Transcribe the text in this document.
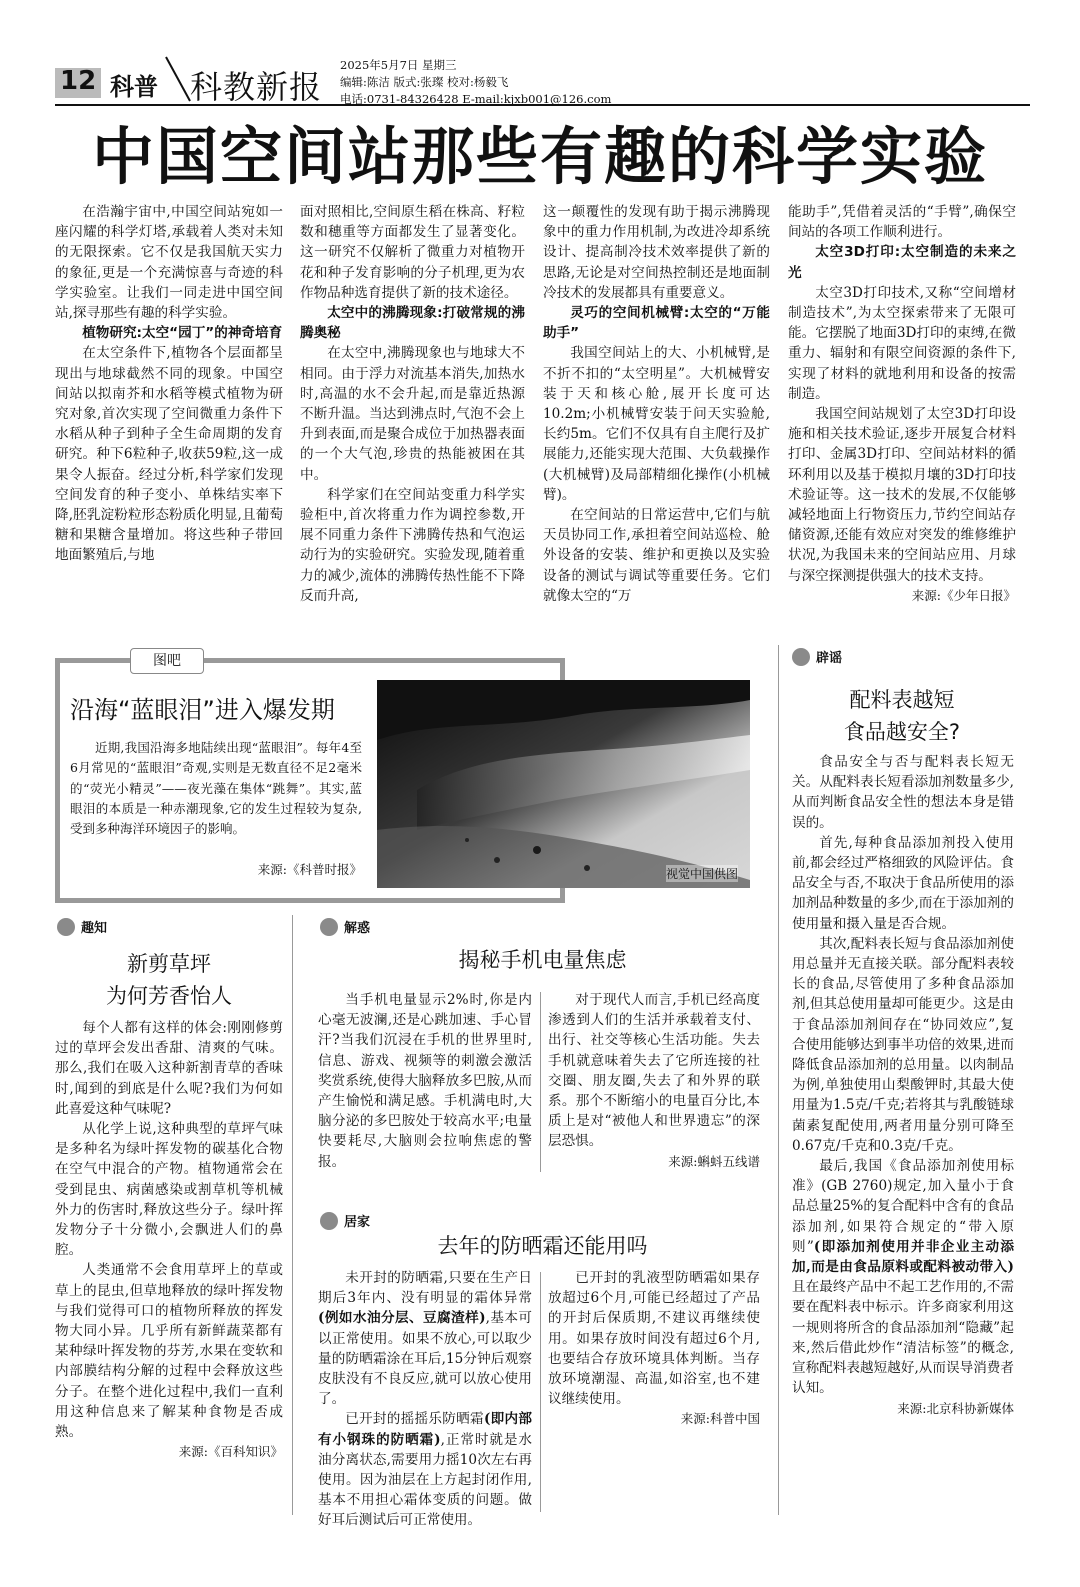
12 科普 科教新报
2025年5月7日 星期三
编辑:陈洁 版式:张璨 校对:杨毅飞
电话:0731-84326428 E-mail:kjxb001@126.com
中国空间站那些有趣的科学实验

在浩瀚宇宙中,中国空间站宛如一座闪耀的科学灯塔,承载着人类对未知的无限探索。它不仅是我国航天实力的象征,更是一个充满惊喜与奇迹的科学实验室。让我们一同走进中国空间站,探寻那些有趣的科学实验。

植物研究:太空“园丁”的神奇培育

在太空条件下,植物各个层面都呈现出与地球截然不同的现象。中国空间站以拟南芥和水稻等模式植物为研究对象,首次实现了空间微重力条件下水稻从种子到种子全生命周期的发育研究。种下6粒种子,收获59粒,这一成果令人振奋。经过分析,科学家们发现空间发育的种子变小、单株结实率下降,胚乳淀粉粒形态粉质化明显,且葡萄糖和果糖含量增加。将这些种子带回地面繁殖后,与地

面对照相比,空间原生稻在株高、籽粒数和穗重等方面都发生了显著变化。这一研究不仅解析了微重力对植物开花和种子发育影响的分子机理,更为农作物品种选育提供了新的技术途径。

太空中的沸腾现象:打破常规的沸腾奥秘

在太空中,沸腾现象也与地球大不相同。由于浮力对流基本消失,加热水时,高温的水不会升起,而是靠近热源不断升温。当达到沸点时,气泡不会上升到表面,而是聚合成位于加热器表面的一个大气泡,珍贵的热能被困在其中。

科学家们在空间站变重力科学实验柜中,首次将重力作为调控参数,开展不同重力条件下沸腾传热和气泡运动行为的实验研究。实验发现,随着重力的减少,流体的沸腾传热性能不下降反而升高,

这一颠覆性的发现有助于揭示沸腾现象中的重力作用机制,为改进冷却系统设计、提高制冷技术效率提供了新的思路,无论是对空间热控制还是地面制冷技术的发展都具有重要意义。

灵巧的空间机械臂:太空的“万能助手”

我国空间站上的大、小机械臂,是不折不扣的“太空明星”。大机械臂安装于天和核心舱,展开长度可达10.2m;小机械臂安装于问天实验舱,长约5m。它们不仅具有自主爬行及扩展能力,还能实现大范围、大负载操作(大机械臂)及局部精细化操作(小机械臂)。

在空间站的日常运营中,它们与航天员协同工作,承担着空间站巡检、舱外设备的安装、维护和更换以及实验设备的测试与调试等重要任务。它们就像太空的“万

能助手”,凭借着灵活的“手臂”,确保空间站的各项工作顺利进行。

太空3D打印:太空制造的未来之光

太空3D打印技术,又称“空间增材制造技术”,为太空探索带来了无限可能。它摆脱了地面3D打印的束缚,在微重力、辐射和有限空间资源的条件下,实现了材料的就地利用和设备的按需制造。

我国空间站规划了太空3D打印设施和相关技术验证,逐步开展复合材料打印、金属3D打印、空间站材料的循环利用以及基于模拟月壤的3D打印技术验证等。这一技术的发展,不仅能够减轻地面上行物资压力,节约空间站存储资源,还能有效应对突发的维修维护状况,为我国未来的空间站应用、月球与深空探测提供强大的技术支持。

来源:《少年日报》

图吧
沿海“蓝眼泪”进入爆发期

近期,我国沿海多地陆续出现“蓝眼泪”。每年4至6月常见的“蓝眼泪”奇观,实则是无数直径不足2毫米的“荧光小精灵”——夜光藻在集体“跳舞”。其实,蓝眼泪的本质是一种赤潮现象,它的发生过程较为复杂,受到多种海洋环境因子的影响。

来源:《科普时报》	视觉中国供图
辟谣
配料表越短
食品越安全?

食品安全与否与配料表长短无关。从配料表长短看添加剂数量多少,从而判断食品安全性的想法本身是错误的。

首先,每种食品添加剂投入使用前,都会经过严格细致的风险评估。食品安全与否,不取决于食品所使用的添加剂品种数量的多少,而在于添加剂的使用量和摄入量是否合规。

其次,配料表长短与食品添加剂使用总量并无直接关联。部分配料表较长的食品,尽管使用了多种食品添加剂,但其总使用量却可能更少。这是由于食品添加剂间存在“协同效应”,复合使用能够达到事半功倍的效果,进而降低食品添加剂的总用量。以肉制品为例,单独使用山梨酸钾时,其最大使用量为1.5克/千克;若将其与乳酸链球菌素复配使用,两者用量分别可降至0.67克/千克和0.3克/千克。

最后,我国《食品添加剂使用标准》(GB 2760)规定,加入量小于食品总量25%的复合配料中含有的食品添加剂,如果符合规定的“带入原则”(即添加剂使用并非企业主动添加,而是由食品原料或配料被动带入)且在最终产品中不起工艺作用的,不需要在配料表中标示。许多商家利用这一规则将所含的食品添加剂“隐藏”起来,然后借此炒作“清洁标签”的概念,宣称配料表越短越好,从而误导消费者认知。

来源:北京科协新媒体

趣知
新剪草坪
为何芳香怡人

每个人都有这样的体会:刚刚修剪过的草坪会发出香甜、清爽的气味。那么,我们在吸入这种新割青草的香味时,闻到的到底是什么呢?我们为何如此喜爱这种气味呢?

从化学上说,这种典型的草坪气味是多种名为绿叶挥发物的碳基化合物在空气中混合的产物。植物通常会在受到昆虫、病菌感染或割草机等机械外力的伤害时,释放这些分子。绿叶挥发物分子十分微小,会飘进人们的鼻腔。

人类通常不会食用草坪上的草或草上的昆虫,但草地释放的绿叶挥发物与我们觉得可口的植物所释放的挥发物大同小异。几乎所有新鲜蔬菜都有某种绿叶挥发物的芬芳,水果在变软和内部膜结构分解的过程中会释放这些分子。在整个进化过程中,我们一直利用这种信息来了解某种食物是否成熟。

来源:《百科知识》

解惑
揭秘手机电量焦虑

当手机电量显示2%时,你是内心毫无波澜,还是心跳加速、手心冒汗?当我们沉浸在手机的世界里时,信息、游戏、视频等的刺激会激活奖赏系统,使得大脑释放多巴胺,从而产生愉悦和满足感。手机满电时,大脑分泌的多巴胺处于较高水平;电量快要耗尽,大脑则会拉响焦虑的警报。

对于现代人而言,手机已经高度渗透到人们的生活并承载着支付、出行、社交等核心生活功能。失去手机就意味着失去了它所连接的社交圈、朋友圈,失去了和外界的联系。那个不断缩小的电量百分比,本质上是对“被他人和世界遗忘”的深层恐惧。

来源:蝌蚪五线谱

居家
去年的防晒霜还能用吗

未开封的防晒霜,只要在生产日期后3年内、没有明显的霜体异常(例如水油分层、豆腐渣样),基本可以正常使用。如果不放心,可以取少量的防晒霜涂在耳后,15分钟后观察皮肤没有不良反应,就可以放心使用了。

已开封的摇摇乐防晒霜(即内部有小钢珠的防晒霜),正常时就是水油分离状态,需要用力摇10次左右再使用。因为油层在上方起封闭作用,基本不用担心霜体变质的问题。做好耳后测试后可正常使用。

已开封的乳液型防晒霜如果存放超过6个月,可能已经超过了产品的开封后保质期,不建议再继续使用。如果存放时间没有超过6个月,也要结合存放环境具体判断。当存放环境潮湿、高温,如浴室,也不建议继续使用。

来源:科普中国
